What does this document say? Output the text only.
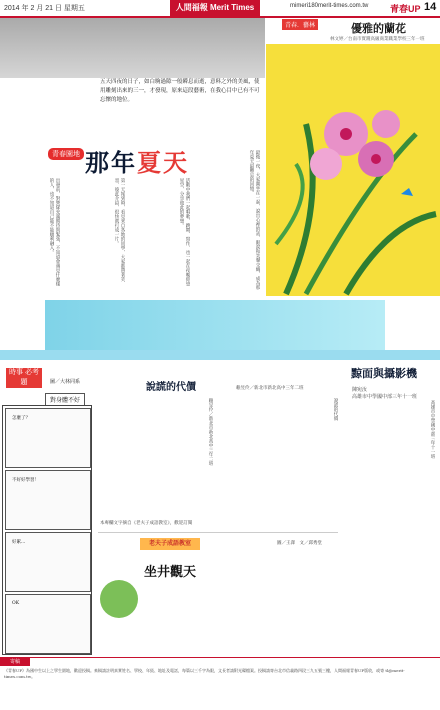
2014 年 2 月 21 日 星期五	人間福報 Merit Times	mimeri180merit-times.com.tw 青春UP 14
五天四夜的日子，如白駒過隙一般瞬息而逝，意料之外的美風，使用雕刻出來的三一，才發現，原來這段藝術，在我心目中已有不可忘懷的地位。
青春園地 那年夏天
出發前，對營隊充滿期待與緊張，不知道會遇見什麼樣的人，也不知道自己能不能順利融入。	第一天報到時，看見來自各地的同學，大家都帶著笑容，彼此介紹，很快就打成一片。	活動中我們一起唱歌、跳舞、寫作，也一起在夜晚仰望星空，分享彼此的夢想。	最後一夜，大家圍坐在一起，說出心裡的話，眼淚和笑聲交織，成為那年夏天最難忘的回憶。
青春．藝林	優雅的蘭花
林文婷／台南市實踐高級商業職業學校三年一班
說謊的代價	賴昱伶／新北市新北高中三年二班
黥面與攝影機
陳宛汝
高雄市中學國中部三年十一班
賴昱伶／新北市新北高中三年二班	說謊的代價	高雄市中學國中部三年十一班
時事 必考題	圖／大林同系
對身體不好
怎麼了？
不好好學習！
好累...
OK
本專欄文字摘自《老夫子成語教室》，歡迎訂閱
老夫子成語教室
坐井觀天
圖／王澤　文／邱秀堂
寄稿
《青春UP》為國中生以上之學生園地，歡迎投稿。來稿請註明真實姓名、學校、年級、地址及電話，每篇以三千字為限，文長者請附光碟檔案。投稿請寄台北市信義路四段三九五號三樓，人間福報青春UP版收，或寄 tl@merit-times.com.tw。
